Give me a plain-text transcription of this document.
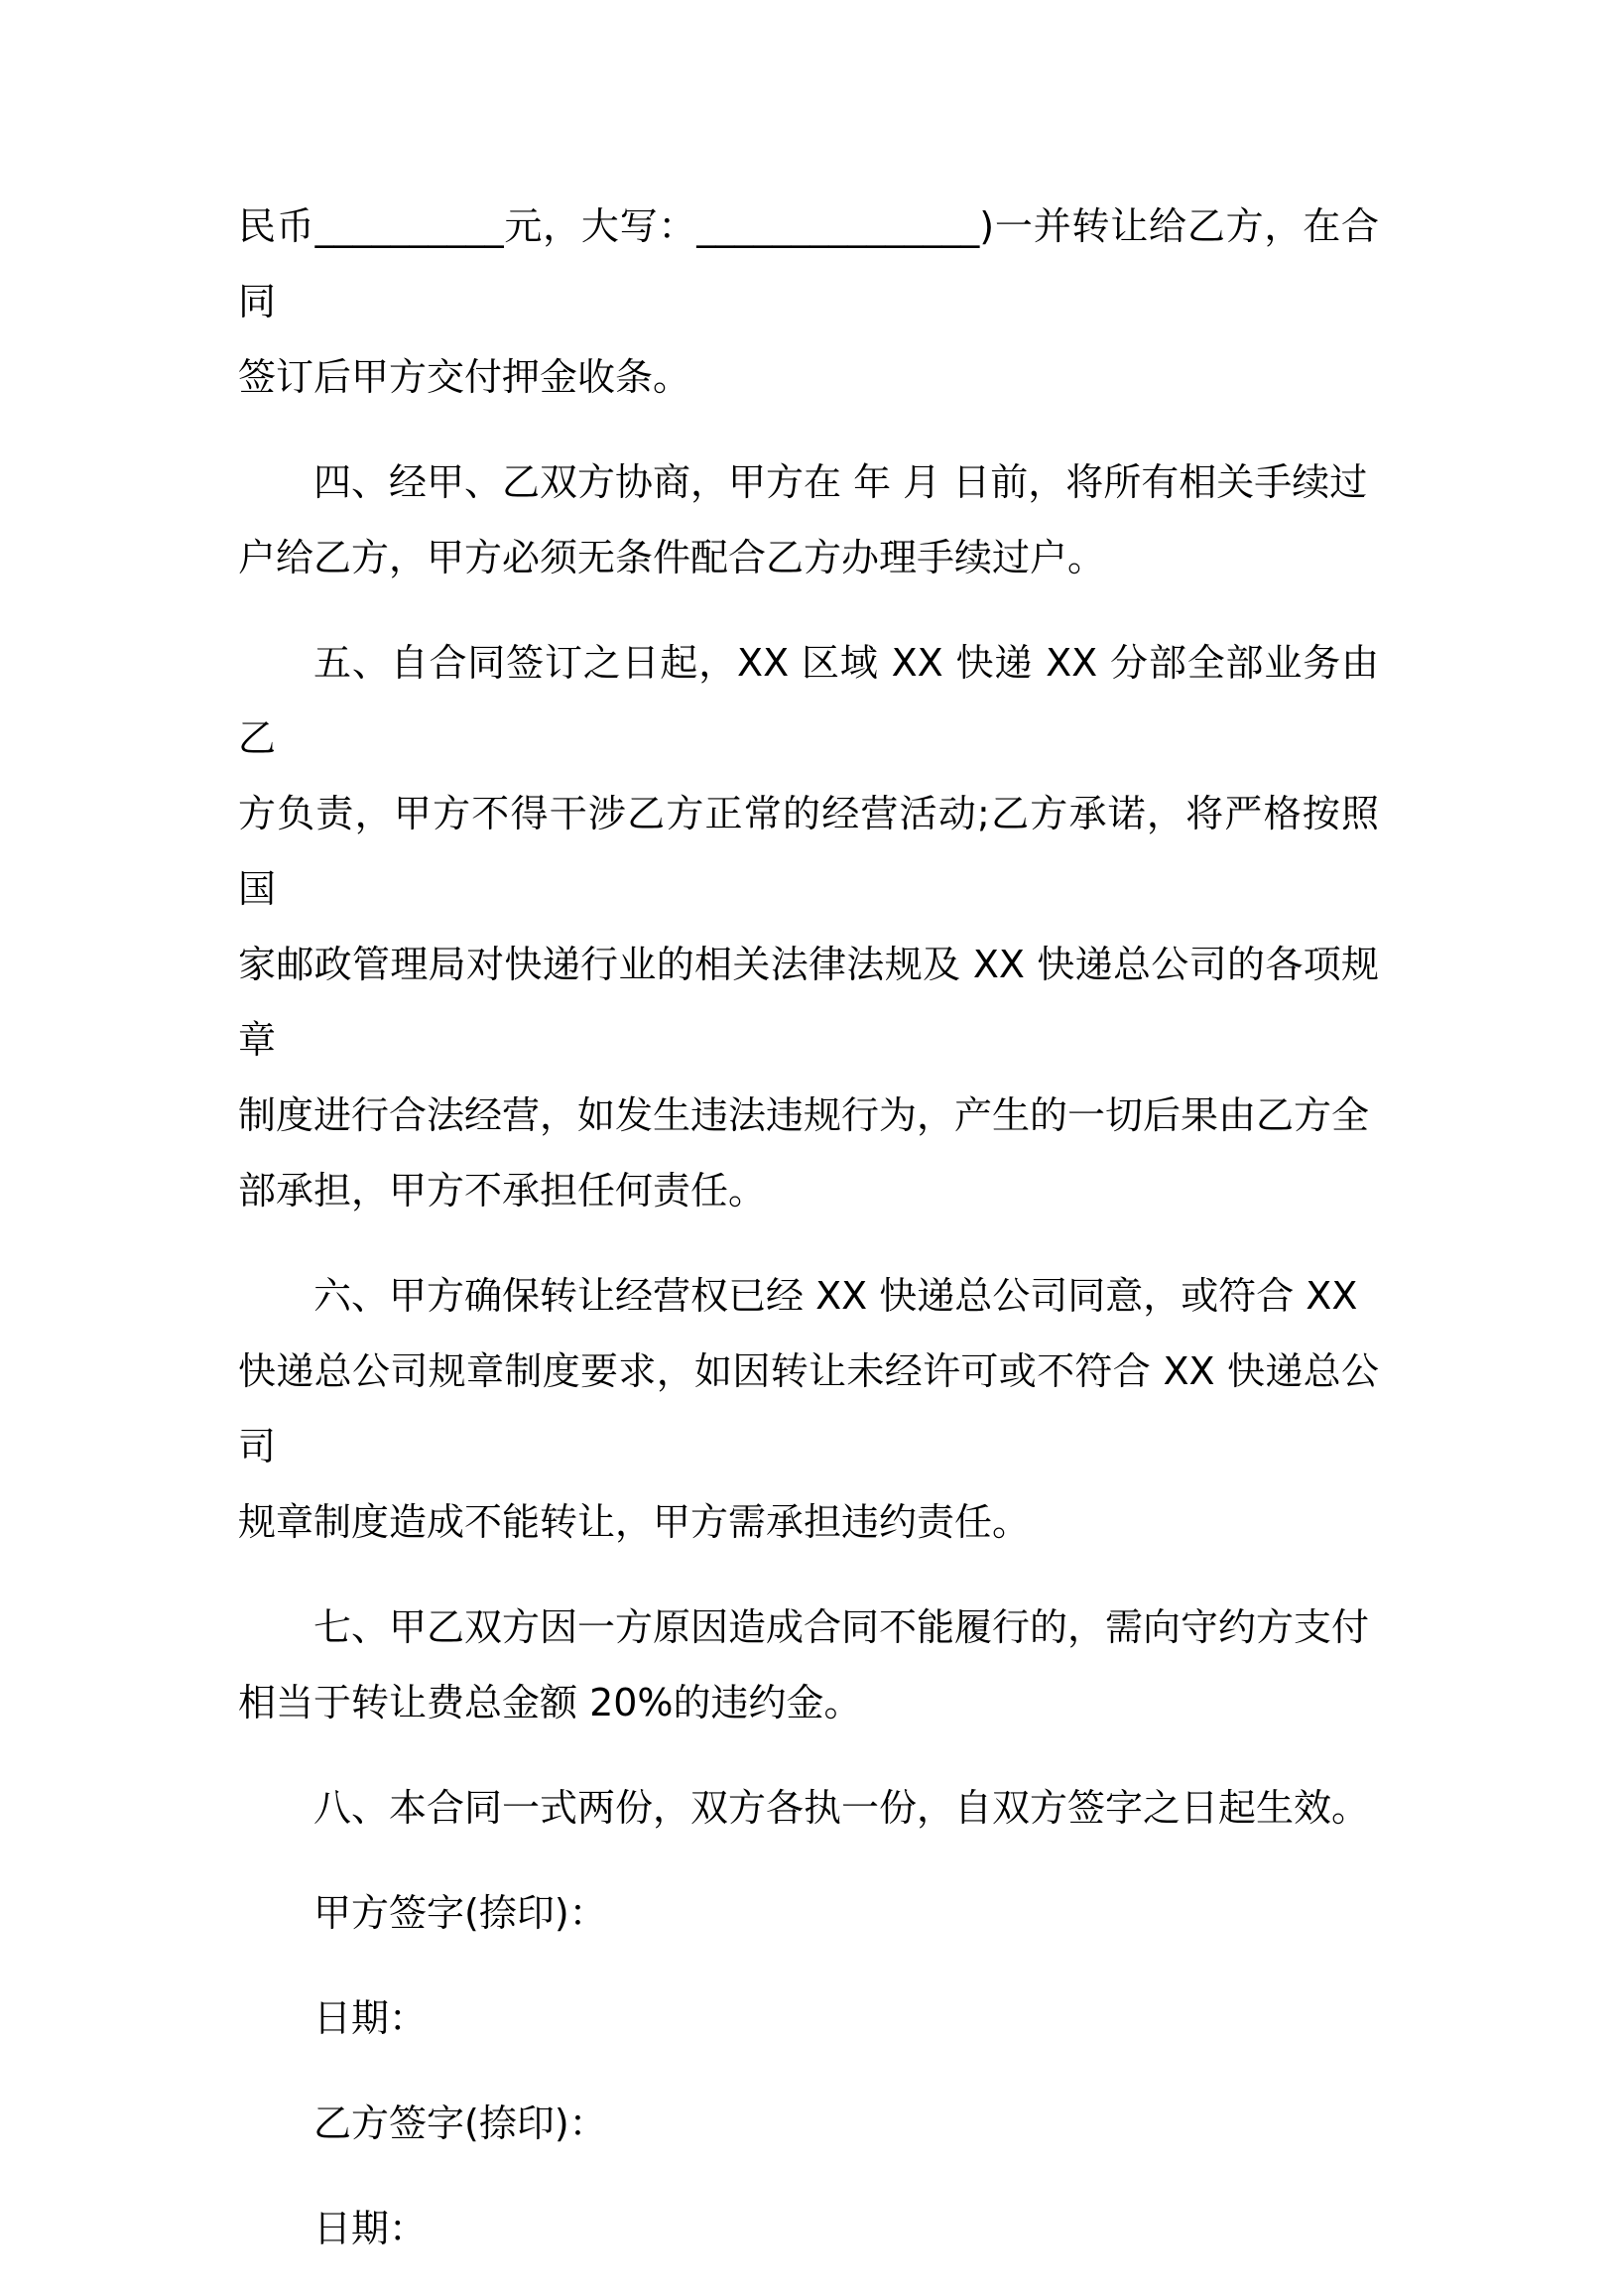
民币__________元，大写：_______________)一并转让给乙方，在合同
签订后甲方交付押金收条。
四、经甲、乙双方协商，甲方在 年 月 日前，将所有相关手续过
户给乙方，甲方必须无条件配合乙方办理手续过户。
五、自合同签订之日起，XX 区域 XX 快递 XX 分部全部业务由乙
方负责，甲方不得干涉乙方正常的经营活动;乙方承诺，将严格按照国
家邮政管理局对快递行业的相关法律法规及 XX 快递总公司的各项规章
制度进行合法经营，如发生违法违规行为，产生的一切后果由乙方全
部承担，甲方不承担任何责任。
六、甲方确保转让经营权已经 XX 快递总公司同意，或符合 XX
快递总公司规章制度要求，如因转让未经许可或不符合 XX 快递总公司
规章制度造成不能转让，甲方需承担违约责任。
七、甲乙双方因一方原因造成合同不能履行的，需向守约方支付
相当于转让费总金额 20%的违约金。
八、本合同一式两份，双方各执一份，自双方签字之日起生效。
甲方签字(捺印)：
日期：
乙方签字(捺印)：
日期：
